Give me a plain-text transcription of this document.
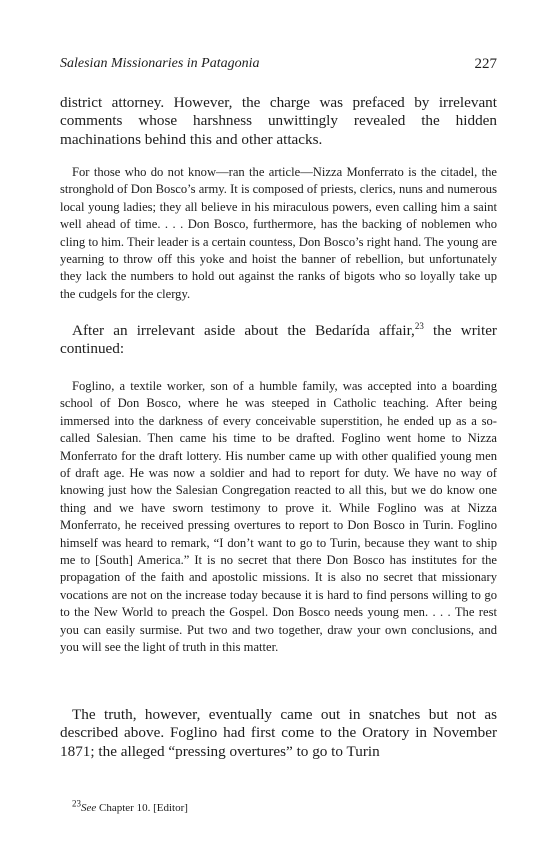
Salesian Missionaries in Patagonia	227

district attorney. However, the charge was prefaced by irrelevant comments whose harshness unwittingly revealed the hidden machinations behind this and other attacks.

For those who do not know—ran the article—Nizza Monferrato is the citadel, the stronghold of Don Bosco’s army. It is composed of priests, clerics, nuns and numerous local young ladies; they all believe in his miraculous powers, even calling him a saint well ahead of time. . . . Don Bosco, furthermore, has the backing of noblemen who cling to him. Their leader is a certain countess, Don Bosco’s right hand. The young are yearning to throw off this yoke and hoist the banner of rebellion, but unfortunately they lack the numbers to hold out against the ranks of bigots who so loyally take up the cudgels for the clergy.

After an irrelevant aside about the Bedarída affair,$^{23}$ the writer continued:

Foglino, a textile worker, son of a humble family, was accepted into a boarding school of Don Bosco, where he was steeped in Catholic teaching. After being immersed into the darkness of every conceivable superstition, he ended up as a so-called Salesian. Then came his time to be drafted. Foglino went home to Nizza Monferrato for the draft lottery. His number came up with other qualified young men of draft age. He was now a soldier and had to report for duty. We have no way of knowing just how the Salesian Congregation reacted to all this, but we do know one thing and we have sworn testimony to prove it. While Foglino was at Nizza Monferrato, he received pressing overtures to report to Don Bosco in Turin. Foglino himself was heard to remark, “I don’t want to go to Turin, because they want to ship me to [South] America.” It is no secret that there Don Bosco has institutes for the propagation of the faith and apostolic missions. It is also no secret that missionary vocations are not on the increase today because it is hard to find persons willing to go to the New World to preach the Gospel. Don Bosco needs young men. . . . The rest you can easily surmise. Put two and two together, draw your own conclusions, and you will see the light of truth in this matter.

The truth, however, eventually came out in snatches but not as described above. Foglino had first come to the Oratory in November 1871; the alleged “pressing overtures” to go to Turin

$^{23}$See Chapter 10. [Editor]
